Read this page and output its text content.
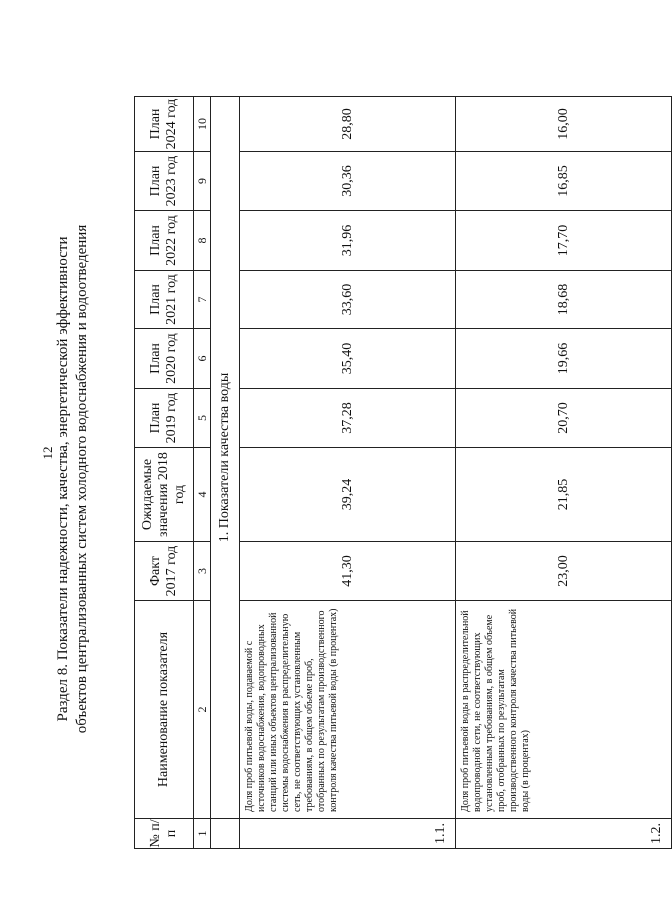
12 Раздел 8. Показатели надежности, качества, энергетической эффективности объектов централизованных систем холодного водоснабжения и водоотведения
№ п/п	Наименование показателя	Факт 2017 год	Ожидаемые значения 2018 год	План 2019 год	План 2020 год	План 2021 год	План 2022 год	План 2023 год	План 2024 год
1	2	3	4	5	6	7	8	9	10
	1. Показатели качества воды								
1.1.	Доля проб питьевой воды, подаваемой с источников водоснабжения, водопроводных станций или иных объектов централизованной системы водоснабжения в распределительную сеть, не соответствующих установленным требованиям, в общем объеме проб, отобранных по результатам производственного контроля качества питьевой воды (в процентах)	41,30	39,24	37,28	35,40	33,60	31,96	30,36	28,80
1.2.	Доля проб питьевой воды в распределительной водопроводной сети, не соответствующих установленным требованиям, в общем объеме проб, отобранных по результатам производственного контроля качества питьевой воды (в процентах)	23,00	21,85	20,70	19,66	18,68	17,70	16,85	16,00
